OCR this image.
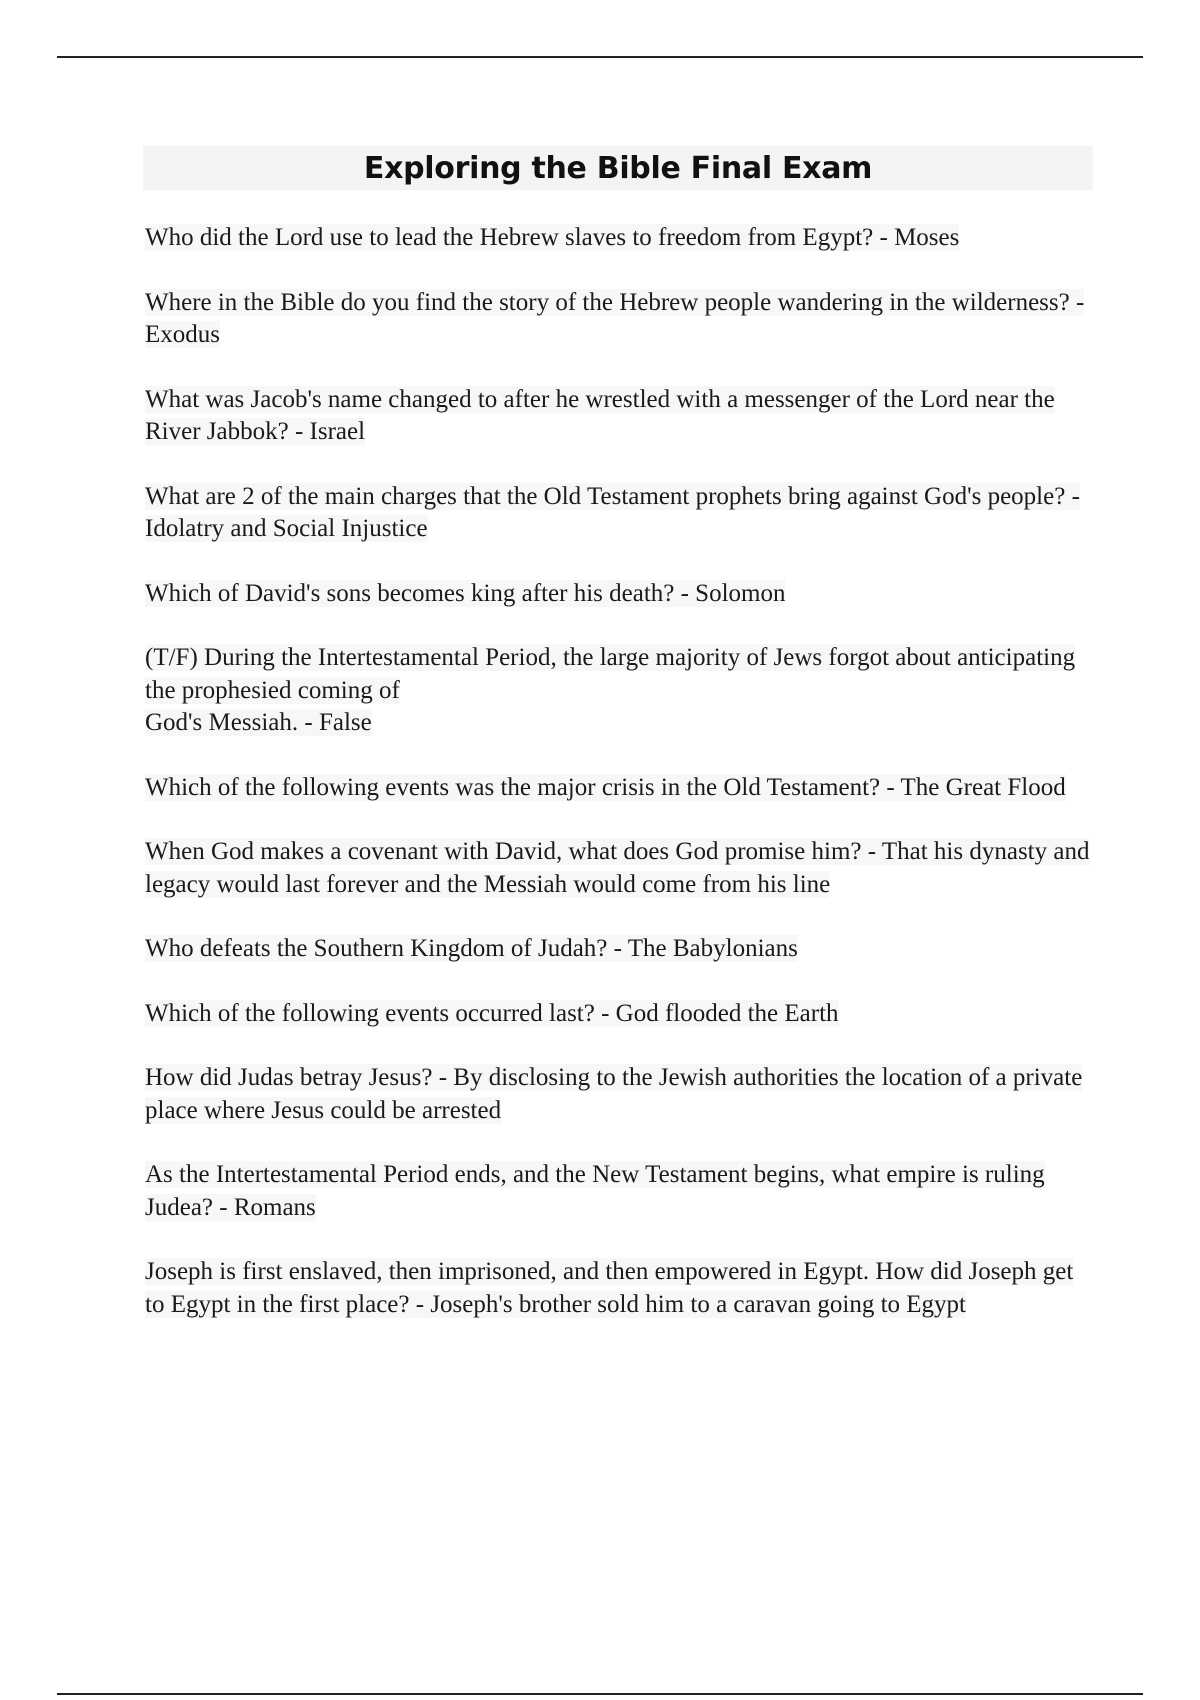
Exploring the Bible Final Exam
Who did the Lord use to lead the Hebrew slaves to freedom from Egypt? - Moses
Where in the Bible do you find the story of the Hebrew people wandering in the wilderness? - Exodus
What was Jacob's name changed to after he wrestled with a messenger of the Lord near the River Jabbok? - Israel
What are 2 of the main charges that the Old Testament prophets bring against God's people? - Idolatry and Social Injustice
Which of David's sons becomes king after his death? - Solomon
(T/F) During the Intertestamental Period, the large majority of Jews forgot about anticipating the prophesied coming of
God's Messiah. - False
Which of the following events was the major crisis in the Old Testament? - The Great Flood
When God makes a covenant with David, what does God promise him? - That his dynasty and legacy would last forever and the Messiah would come from his line
Who defeats the Southern Kingdom of Judah? - The Babylonians
Which of the following events occurred last? - God flooded the Earth
How did Judas betray Jesus? - By disclosing to the Jewish authorities the location of a private place where Jesus could be arrested
As the Intertestamental Period ends, and the New Testament begins, what empire is ruling Judea? - Romans
Joseph is first enslaved, then imprisoned, and then empowered in Egypt. How did Joseph get to Egypt in the first place? - Joseph's brother sold him to a caravan going to Egypt
